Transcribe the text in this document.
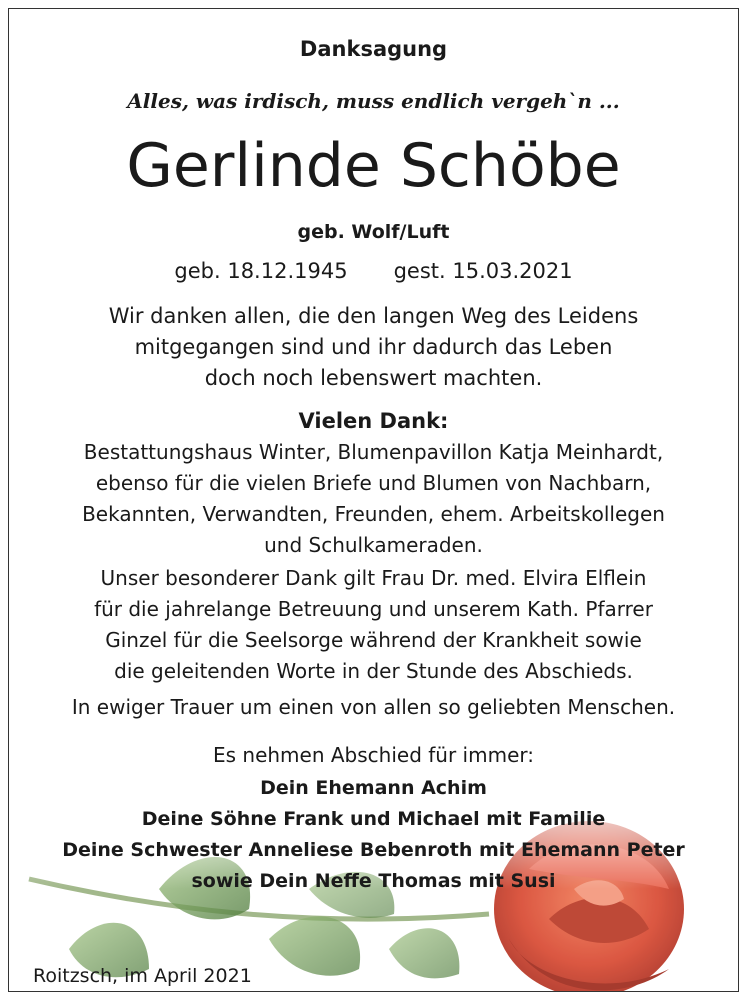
Danksagung
Alles, was irdisch, muss endlich vergeh`n ...
Gerlinde Schöbe
geb. Wolf/Luft
geb. 18.12.1945 gest. 15.03.2021
Wir danken allen, die den langen Weg des Leidens
mitgegangen sind und ihr dadurch das Leben
doch noch lebenswert machten.
Vielen Dank:
Bestattungshaus Winter, Blumenpavillon Katja Meinhardt,
ebenso für die vielen Briefe und Blumen von Nachbarn,
Bekannten, Verwandten, Freunden, ehem. Arbeitskollegen
und Schulkameraden.
Unser besonderer Dank gilt Frau Dr. med. Elvira Elflein
für die jahrelange Betreuung und unserem Kath. Pfarrer
Ginzel für die Seelsorge während der Krankheit sowie
die geleitenden Worte in der Stunde des Abschieds.
In ewiger Trauer um einen von allen so geliebten Menschen.
Es nehmen Abschied für immer:
Dein Ehemann Achim
Deine Söhne Frank und Michael mit Familie
Deine Schwester Anneliese Bebenroth mit Ehemann Peter
sowie Dein Neffe Thomas mit Susi
Roitzsch, im April 2021
